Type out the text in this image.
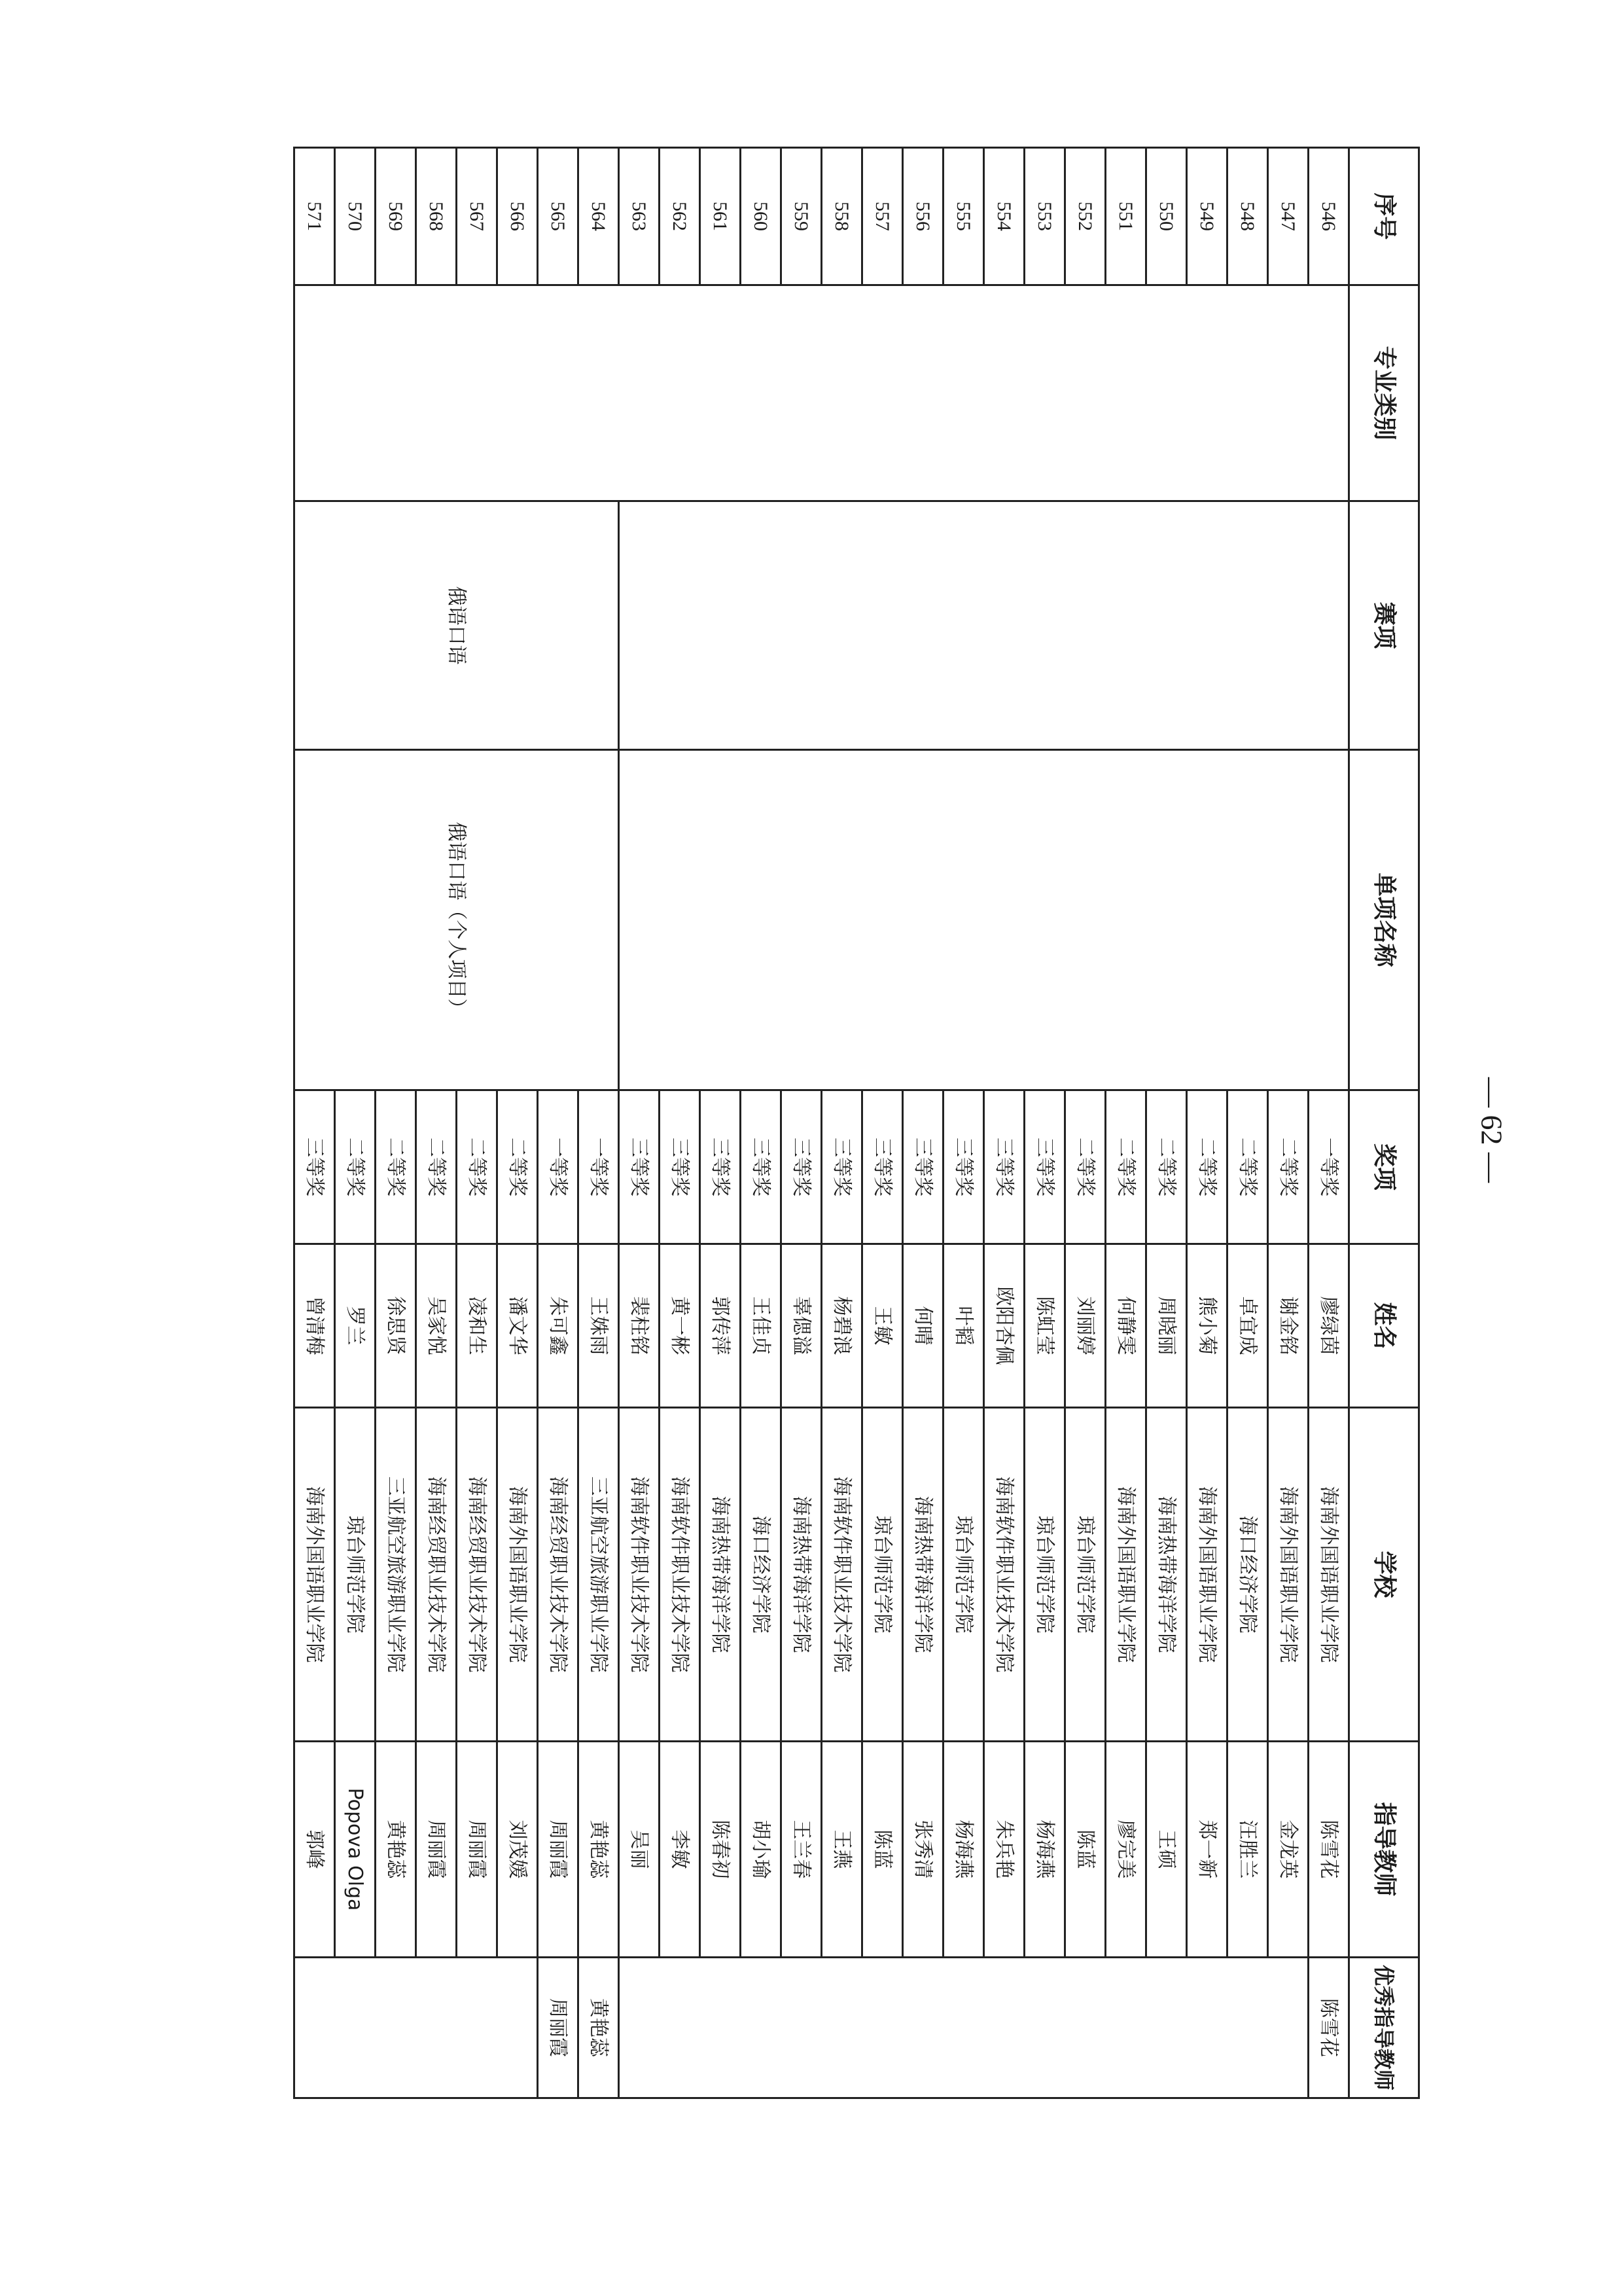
序号	专业类别	赛项	单项名称	奖项	姓名	学校	指导教师	优秀指导教师
546				一等奖	廖绿茵	海南外国语职业学院	陈雪花	陈雪花
547				二等奖	谢金铭	海南外国语职业学院	金龙英	
548				二等奖	卓宜成	海口经济学院	汪胜兰	
549				二等奖	熊小菊	海南外国语职业学院	郑一新	
550				二等奖	周晓丽	海南热带海洋学院	王硕	
551				二等奖	何静雯	海南外国语职业学院	廖完美	
552				二等奖	刘丽婷	琼台师范学院	陈蓝	
553				三等奖	陈虹莹	琼台师范学院	杨海燕	
554				三等奖	欧阳杏佩	海南软件职业技术学院	朱兵艳	
555				三等奖	叶韬	琼台师范学院	杨海燕	
556				三等奖	何晴	海南热带海洋学院	张秀清	
557				三等奖	王敏	琼台师范学院	陈蓝	
558				三等奖	杨碧浪	海南软件职业技术学院	王燕	
559				三等奖	辜偲溢	海南热带海洋学院	王兰春	
560				三等奖	王佳贞	海口经济学院	胡小瑜	
561				三等奖	郭传萍	海南热带海洋学院	陈春初	
562				三等奖	黄一彬	海南软件职业技术学院	李敏	
563				三等奖	裴柱铭	海南软件职业技术学院	吴丽	
564		俄语口语	俄语口语（个人项目）	一等奖	王姝雨	三亚航空旅游职业学院	黄艳蕊	黄艳蕊
565				一等奖	朱可鑫	海南经贸职业技术学院	周丽霞	周丽霞
566				二等奖	潘文华	海南外国语职业学院	刘茂媛	
567				二等奖	凌和生	海南经贸职业技术学院	周丽霞	
568				二等奖	吴家悦	海南经贸职业技术学院	周丽霞	
569				二等奖	徐思贤	三亚航空旅游职业学院	黄艳蕊	
570				二等奖	罗兰	琼台师范学院	Popova Olga	
571				三等奖	曾清梅	海南外国语职业学院	郭峰	
— 62 —
